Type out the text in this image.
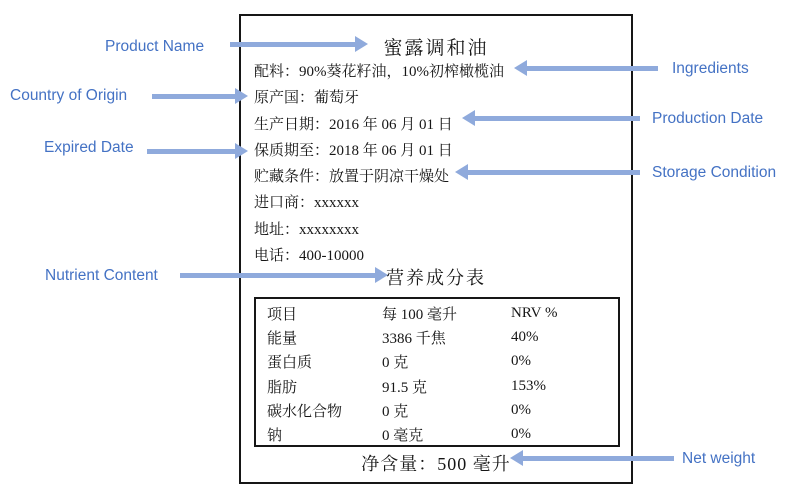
蜜露调和油
配料：90%葵花籽油，10%初榨橄榄油
原产国：葡萄牙
生产日期：2016 年 06 月 01 日
保质期至：2018 年 06 月 01 日
贮藏条件：放置于阴凉干燥处
进口商：xxxxxx
地址：xxxxxxxx
电话：400-10000
营养成分表
项目	每 100 毫升	NRV %
能量	3386 千焦	40%
蛋白质	0 克	0%
脂肪	91.5 克	153%
碳水化合物	0 克	0%
钠	0 毫克	0%
净含量：500 毫升
Product Name
Country of Origin
Expired Date
Nutrient Content
Ingredients
Production Date
Storage Condition
Net weight
